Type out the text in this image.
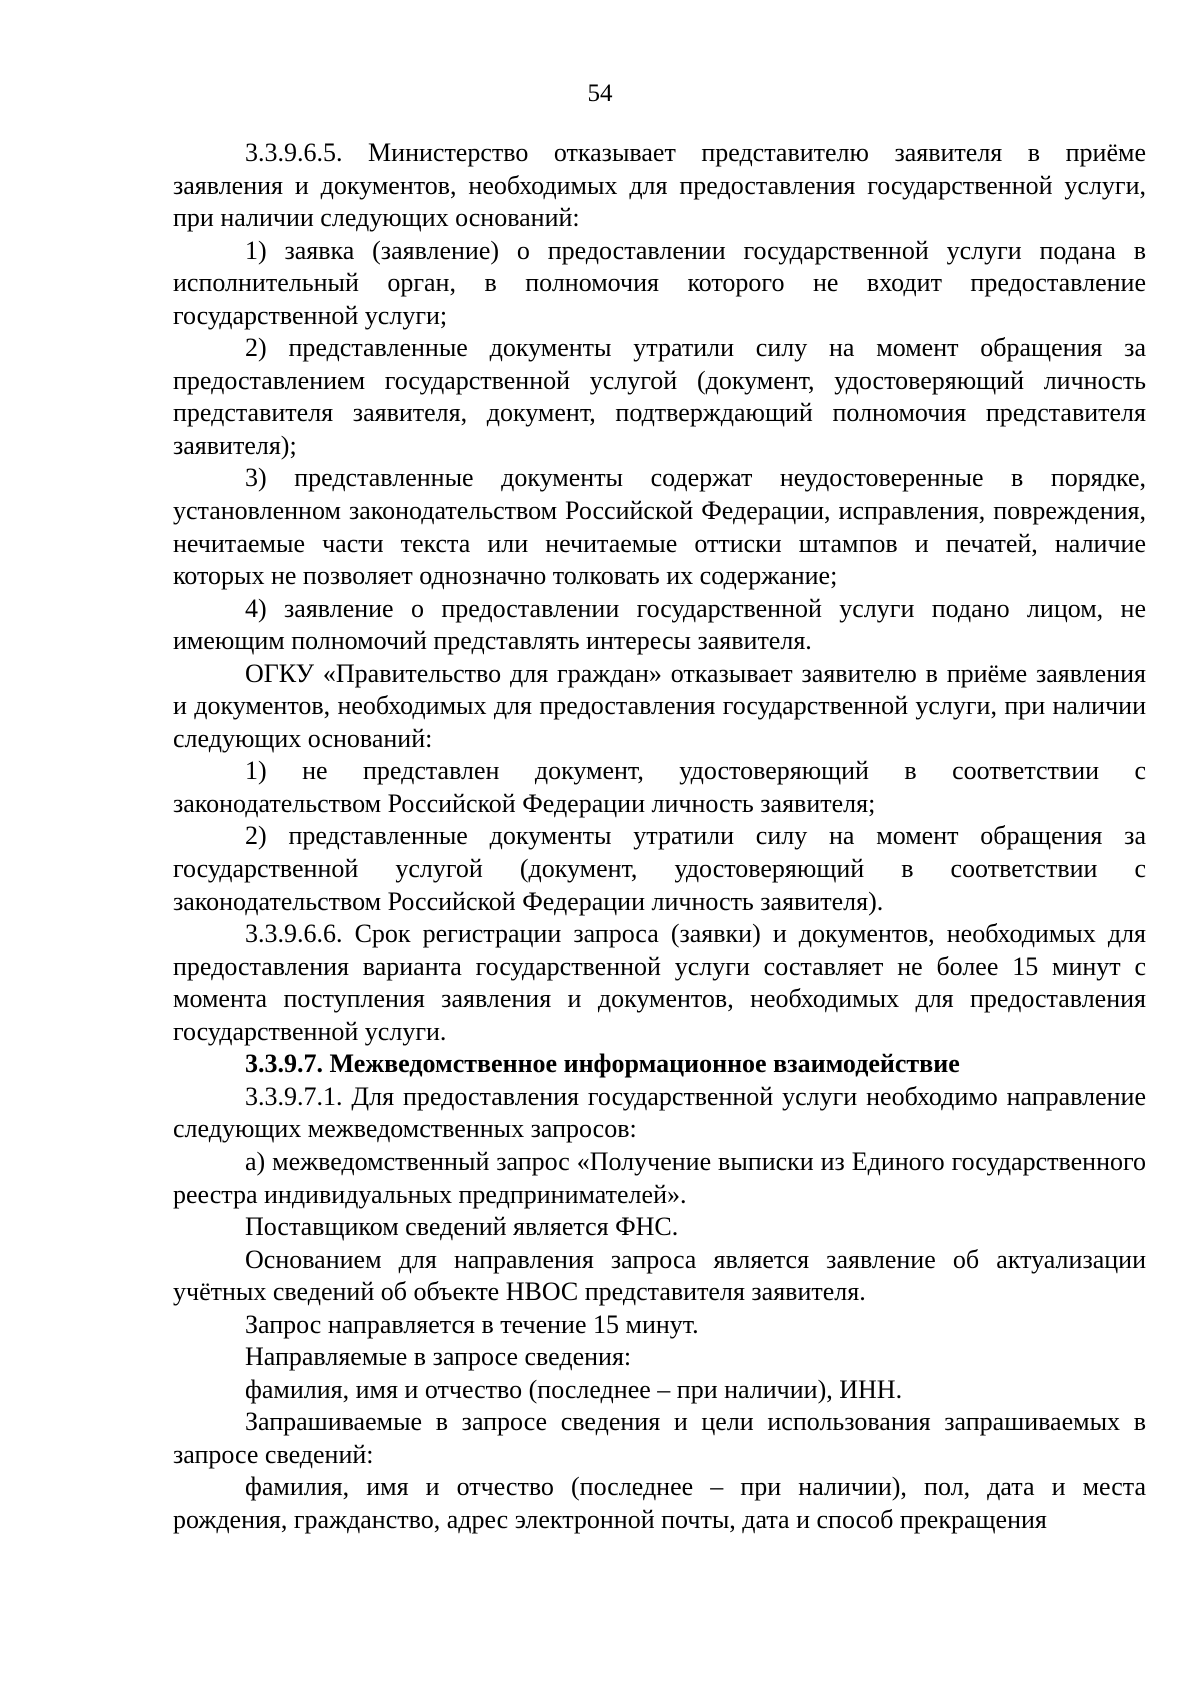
54

3.3.9.6.5. Министерство отказывает представителю заявителя в приёме заявления и документов, необходимых для предоставления государственной услуги, при наличии следующих оснований:

1) заявка (заявление) о предоставлении государственной услуги подана в исполнительный орган, в полномочия которого не входит предоставление государственной услуги;

2) представленные документы утратили силу на момент обращения за предоставлением государственной услугой (документ, удостоверяющий личность представителя заявителя, документ, подтверждающий полномочия представителя заявителя);

3) представленные документы содержат неудостоверенные в порядке, установленном законодательством Российской Федерации, исправления, повреждения, нечитаемые части текста или нечитаемые оттиски штампов и печатей, наличие которых не позволяет однозначно толковать их содержание;

4) заявление о предоставлении государственной услуги подано лицом, не имеющим полномочий представлять интересы заявителя.

ОГКУ «Правительство для граждан» отказывает заявителю в приёме заявления и документов, необходимых для предоставления государственной услуги, при наличии следующих оснований:

1) не представлен документ, удостоверяющий в соответствии с законодательством Российской Федерации личность заявителя;

2) представленные документы утратили силу на момент обращения за государственной услугой (документ, удостоверяющий в соответствии с законодательством Российской Федерации личность заявителя).

3.3.9.6.6. Срок регистрации запроса (заявки) и документов, необходимых для предоставления варианта государственной услуги составляет не более 15 минут с момента поступления заявления и документов, необходимых для предоставления государственной услуги.

3.3.9.7. Межведомственное информационное взаимодействие

3.3.9.7.1. Для предоставления государственной услуги необходимо направление следующих межведомственных запросов:

а) межведомственный запрос «Получение выписки из Единого государственного реестра индивидуальных предпринимателей».

Поставщиком сведений является ФНС.

Основанием для направления запроса является заявление об актуализации учётных сведений об объекте НВОС представителя заявителя.

Запрос направляется в течение 15 минут.

Направляемые в запросе сведения:

фамилия, имя и отчество (последнее – при наличии), ИНН.

Запрашиваемые в запросе сведения и цели использования запрашиваемых в запросе сведений:

фамилия, имя и отчество (последнее – при наличии), пол, дата и места рождения, гражданство, адрес электронной почты, дата и способ прекращения
